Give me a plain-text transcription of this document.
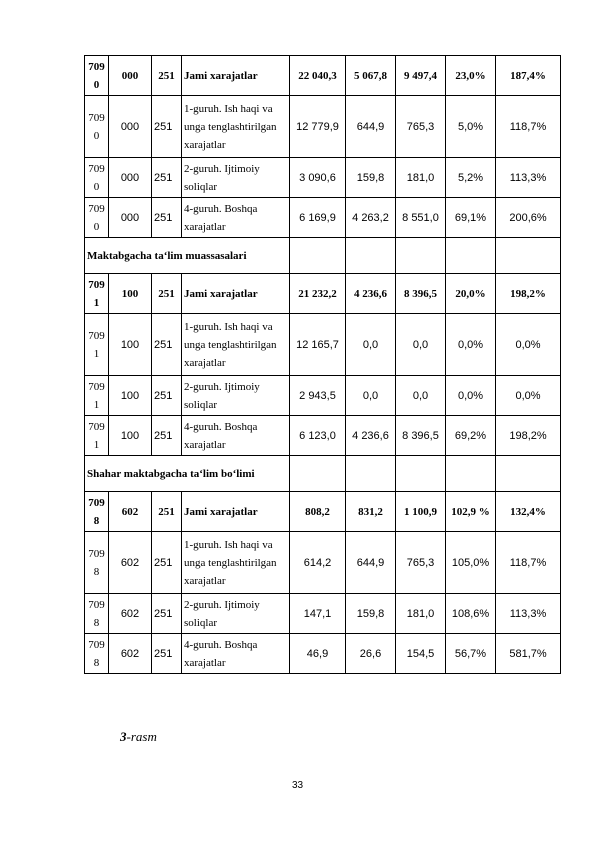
709 0	000	251	Jami xarajatlar	22 040,3	5 067,8	9 497,4	23,0%	187,4%
709 0	000	251	1-guruh. Ish haqi va unga tenglashtirilgan xarajatlar	12 779,9	644,9	765,3	5,0%	118,7%
709 0	000	251	2-guruh. Ijtimoiy soliqlar	3 090,6	159,8	181,0	5,2%	113,3%
709 0	000	251	4-guruh. Boshqa xarajatlar	6 169,9	4 263,2	8 551,0	69,1%	200,6%
Maktabgacha ta‘lim muassasalari								
709 1	100	251	Jami xarajatlar	21 232,2	4 236,6	8 396,5	20,0%	198,2%
709 1	100	251	1-guruh. Ish haqi va unga tenglashtirilgan xarajatlar	12 165,7	0,0	0,0	0,0%	0,0%
709 1	100	251	2-guruh. Ijtimoiy soliqlar	2 943,5	0,0	0,0	0,0%	0,0%
709 1	100	251	4-guruh. Boshqa xarajatlar	6 123,0	4 236,6	8 396,5	69,2%	198,2%
Shahar maktabgacha ta‘lim bo‘limi								
709 8	602	251	Jami xarajatlar	808,2	831,2	1 100,9	102,9 %	132,4%
709 8	602	251	1-guruh. Ish haqi va unga tenglashtirilgan xarajatlar	614,2	644,9	765,3	105,0%	118,7%
709 8	602	251	2-guruh. Ijtimoiy soliqlar	147,1	159,8	181,0	108,6%	113,3%
709 8	602	251	4-guruh. Boshqa xarajatlar	46,9	26,6	154,5	56,7%	581,7%
3-rasm
33
